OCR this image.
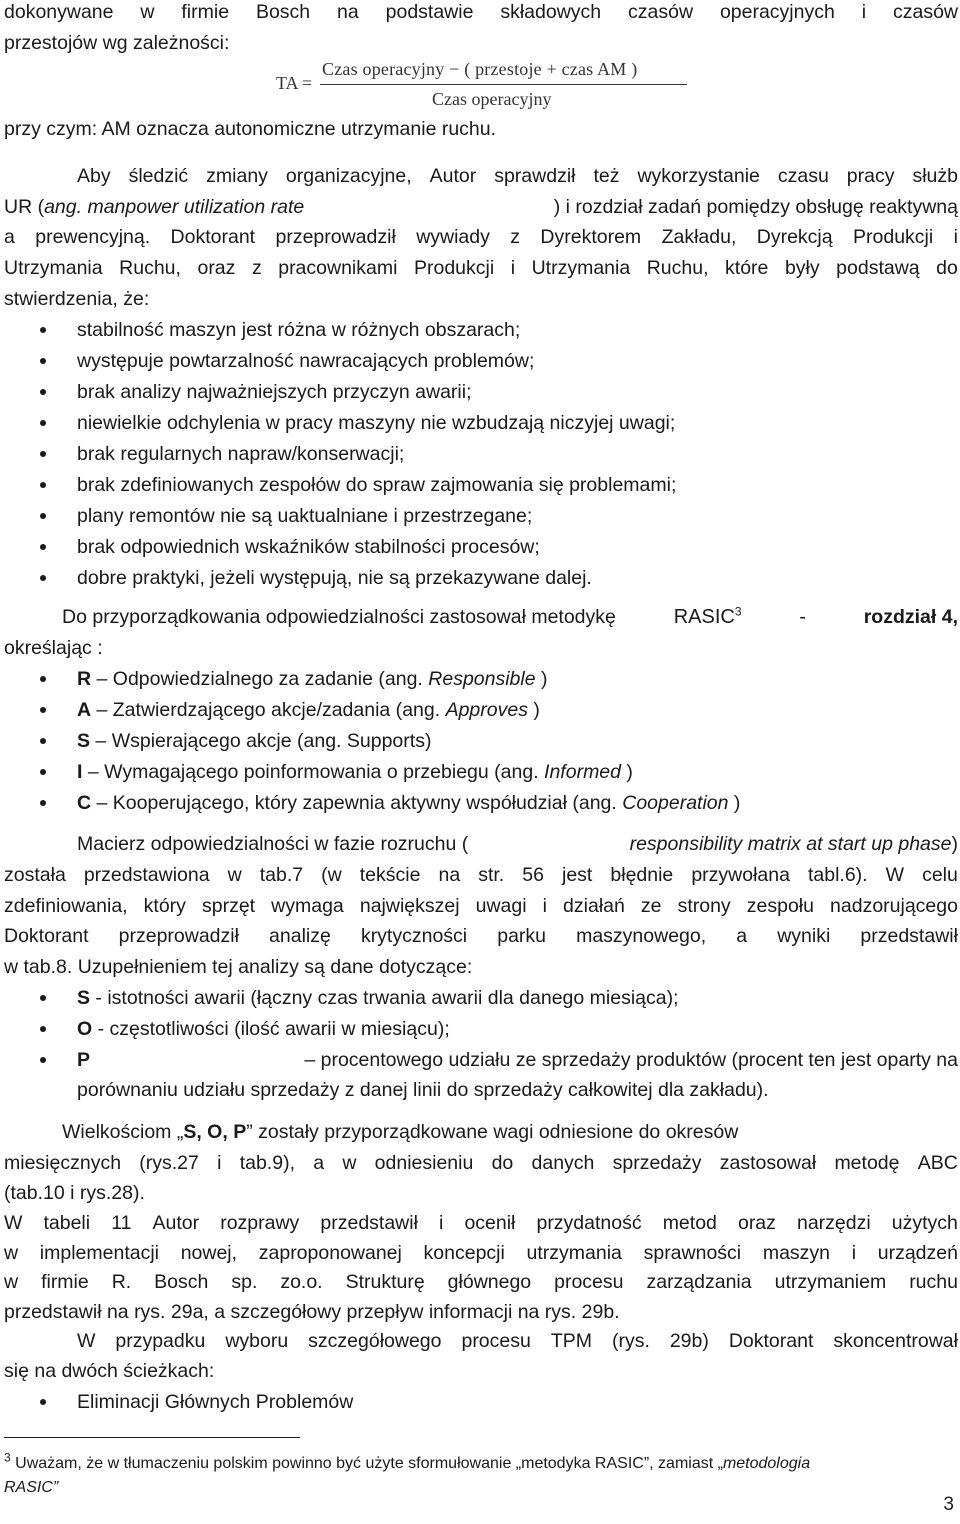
dokonywane w firmie Bosch na podstawie składowych czasów operacyjnych i czasów
przestojów wg zależności:
TA =
Czas operacyjny − ( przestoje + czas AM )
Czas operacyjny
przy czym: AM oznacza autonomiczne utrzymanie ruchu.
Aby śledzić zmiany organizacyjne, Autor sprawdził też wykorzystanie czasu pracy służb
UR (ang. manpower utilization rate	) i rozdział zadań pomiędzy obsługę reaktywną
a prewencyjną. Doktorant przeprowadził wywiady z Dyrektorem Zakładu, Dyrekcją Produkcji i
Utrzymania Ruchu, oraz z pracownikami Produkcji i Utrzymania Ruchu, które były podstawą do
stwierdzenia, że:
stabilność maszyn jest różna w różnych obszarach;
występuje powtarzalność nawracających problemów;
brak analizy najważniejszych przyczyn awarii;
niewielkie odchylenia w pracy maszyny nie wzbudzają niczyjej uwagi;
brak regularnych napraw/konserwacji;
brak zdefiniowanych zespołów do spraw zajmowania się problemami;
plany remontów nie są uaktualniane i przestrzegane;
brak odpowiednich wskaźników stabilności procesów;
dobre praktyki, jeżeli występują, nie są przekazywane dalej.
Do przyporządkowania odpowiedzialności zastosował metodykę	RASIC$^3$	-	rozdział 4,
określając :
R – Odpowiedzialnego za zadanie (ang. Responsible )
A – Zatwierdzającego akcje/zadania (ang. Approves )
S – Wspierającego akcje (ang. Supports)
I – Wymagającego poinformowania o przebiegu (ang. Informed )
C – Kooperującego, który zapewnia aktywny współudział (ang. Cooperation )
Macierz odpowiedzialności w fazie rozruchu (	responsibility matrix at start up phase)
została przedstawiona w tab.7 (w tekście na str. 56 jest błędnie przywołana tabl.6). W celu
zdefiniowania, który sprzęt wymaga największej uwagi i działań ze strony zespołu nadzorującego
Doktorant przeprowadził analizę krytyczności parku maszynowego, a wyniki przedstawił
w tab.8. Uzupełnieniem tej analizy są dane dotyczące:
S - istotności awarii (łączny czas trwania awarii dla danego miesiąca);
O - częstotliwości (ilość awarii w miesiącu);
P	– procentowego udziału ze sprzedaży produktów (procent ten jest oparty na
porównaniu udziału sprzedaży z danej linii do sprzedaży całkowitej dla zakładu).
Wielkościom „S, O, P” zostały przyporządkowane wagi odniesione do okresów
miesięcznych (rys.27 i tab.9), a w odniesieniu do danych sprzedaży zastosował metodę ABC
(tab.10 i rys.28).
W tabeli 11 Autor rozprawy przedstawił i ocenił przydatność metod oraz narzędzi użytych
w implementacji nowej, zaproponowanej koncepcji utrzymania sprawności maszyn i urządzeń
w firmie R. Bosch sp. zo.o. Strukturę głównego procesu zarządzania utrzymaniem ruchu
przedstawił na rys. 29a, a szczegółowy przepływ informacji na rys. 29b.
W przypadku wyboru szczegółowego procesu TPM (rys. 29b) Doktorant skoncentrował
się na dwóch ścieżkach:
Eliminacji Głównych Problemów
$^3$ Uważam, że w tłumaczeniu polskim powinno być użyte sformułowanie „metodyka RASIC”, zamiast „metodologia
RASIC”
3
